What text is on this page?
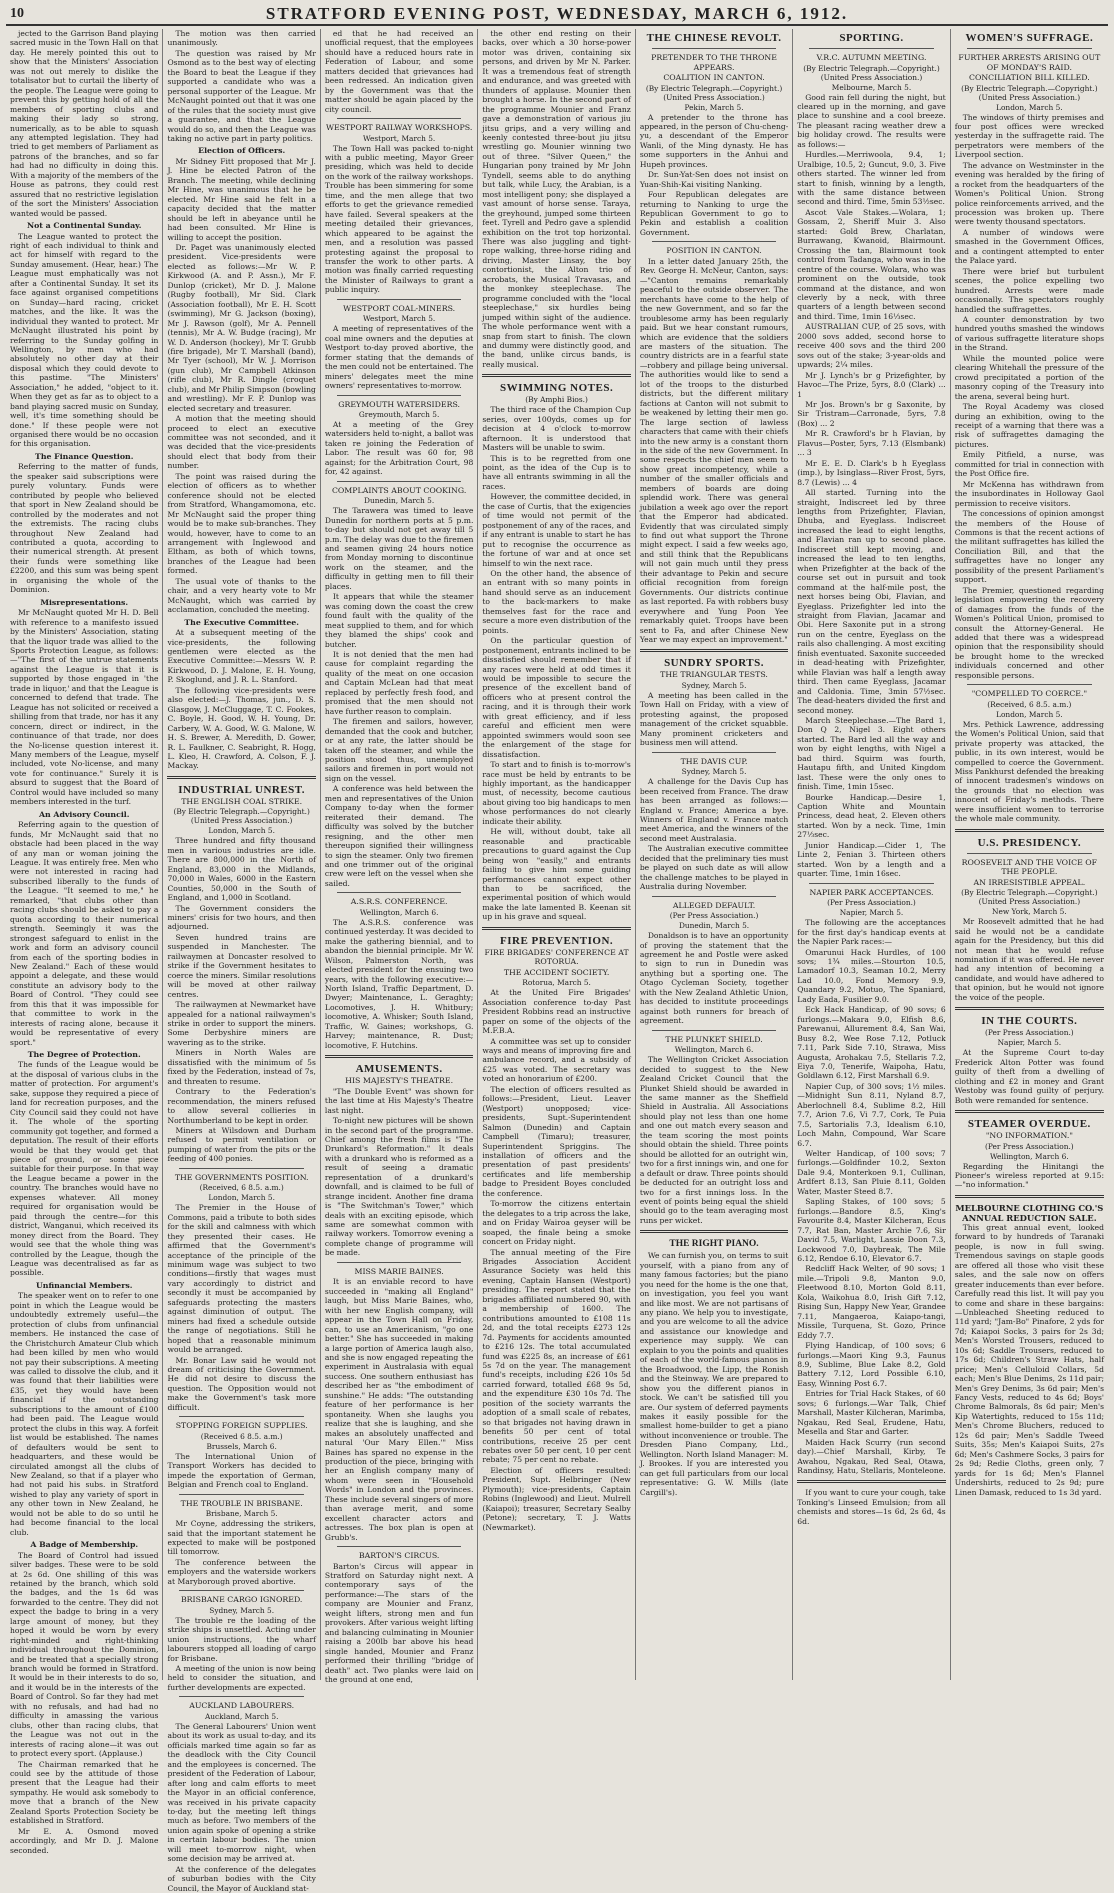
10	STRATFORD EVENING POST, WEDNESDAY, MARCH 6, 1912.

jected to the Garrison Band playing sacred music in the Town Hall on that day. He merely pointed this out to show that the Ministers' Association was not out merely to dislike the totalisator but to curtail the liberty of the people. The League were going to prevent this by getting hold of all the members of sporting clubs and making their lady so strong, numerically, as to be able to squash any attempted legislation. They had tried to get members of Parliament as patrons of the branches, and so far had had no difficulty in doing this. With a majority of the members of the House as patrons, they could rest assured that no restrictive legislation of the sort the Ministers' Association wanted would be passed.

Not a Continental Sunday.

The League wanted to protect the right of each individual to think and act for himself with regard to the Sunday amusement. (Hear, hear.) The League must emphatically was not after a Continental Sunday. It set its face against organised competitions on Sunday—hard racing, cricket matches, and the like. It was the individual they wanted to protect. Mr McNaught illustrated his point by referring to the Sunday golfing in Wellington, by men who had absolutely no other day at their disposal which they could devote to this pastime. "The Ministers' Association," he added, "object to it. When they get as far as to object to a band playing sacred music on Sunday, well, it's time something should be done." If these people were not organised there would be no occasion for this organisation.

The Finance Question.

Referring to the matter of funds, the speaker said subscriptions were purely voluntary. Funds were contributed by people who believed that sport in New Zealand should be controlled by the moderates and not the extremists. The racing clubs throughout New Zealand had contributed a quota, according to their numerical strength. At present their funds were something like £2200, and this sum was being spent in organising the whole of the Dominion.

Misrepresentations.

Mr McNaught quoted Mr H. D. Bell with reference to a manifesto issued by the Ministers' Association, stating that the liquor trade was allied to the Sports Protection League, as follows:—"The first of the untrue statements against the League is that it is supported by those engaged in 'the trade in liquor,' and that the League is concerned to defend that trade. The League has not solicited or received a shilling from that trade, nor has it any concern, direct or indirect, in the continuance of that trade, nor does the No-license question interest it. Many members of the League, myself included, vote No-license, and many vote for continuance." Surely it is absurd to suggest that the Board of Control would have included so many members interested in the turf.

An Advisory Council.

Referring again to the question of funds, Mr McNaught said that no obstacle had been placed in the way of any man or woman joining the League. It was entirely free. Men who were not interested in racing had subscribed liberally to the funds of the League. "It seemed to me," he remarked, "that clubs other than racing clubs should be asked to pay a quota according to their numerical strength. Seemingly it was the strongest safeguard to enlist in the work and form an advisory council from each of the sporting bodies in New Zealand." Each of these would appoint a delegate, and these would constitute an advisory body to the Board of Control. "They could see from this that it was impossible for that committee to work in the interests of racing alone, because it would be representative of every sport."

The Degree of Protection.

The funds of the League would be at the disposal of various clubs in the matter of protection. For argument's sake, suppose they required a piece of land for recreation purposes, and the City Council said they could not have it. The whole of the sporting community got together, and formed a deputation. The result of their efforts would be that they would get that piece of ground, or some piece suitable for their purpose. In that way the League became a power in the country. The branches would have no expenses whatever. All money required for organisation would be paid through the centre—for this district, Wanganui, which received its money direct from the Board. They would see that the whole thing was controlled by the League, though the League was decentralised as far as possible.

Unfinancial Members.

The speaker went on to refer to one point in which the League would be undoubtedly extremely useful—the protection of clubs from unfinancial members. He instanced the case of the Christchurch Amateur Club which had been killed by men who would not pay their subscriptions. A meeting was called to dissolve the club, and it was found that their liabilities were £35, yet they would have been financial if the outstanding subscriptions to the amount of £100 had been paid. The League would protect the clubs in this way. A forfeit list would be established. The names of defaulters would be sent to headquarters, and these would be circulated amongst all the clubs of New Zealand, so that if a player who had not paid his subs. in Stratford wished to play any variety of sport in any other town in New Zealand, he would not be able to do so until he had become financial to the local club.

A Badge of Membership.

The Board of Control had issued silver badges. These were to be sold at 2s 6d. One shilling of this was retained by the branch, which sold the badges, and the 1s 6d was forwarded to the centre. They did not expect the badge to bring in a very large amount of money, but they hoped it would be worn by every right-minded and right-thinking individual throughout the Dominion, and be treated that a specially strong branch would be formed in Stratford. It would be in their interests to do so, and it would be in the interests of the Board of Control. So far they had met with no refusals, and had had no difficulty in amassing the various clubs, other than racing clubs, that the League was not out in the interests of racing alone—it was out to protect every sport. (Applause.)

The Chairman remarked that he could see by the attitude of those present that the League had their sympathy. He would ask somebody to move that a branch of the New Zealand Sports Protection Society be established in Stratford.

Mr E. A. Osmond moved accordingly, and Mr D. J. Malone seconded.

The motion was then carried unanimously.

The question was raised by Mr Osmond as to the best way of electing the Board to beat the League if they supported a candidate who was a personal supporter of the League. Mr McNaught pointed out that it was one of the rules that the society must give a guarantee, and that the League would do so, and then the League was taking no active part in party politics.

Election of Officers.

Mr Sidney Fitt proposed that Mr J. J. Hine be elected Patron of the Branch. The meeting, while declining Mr Hine, was unanimous that he be elected. Mr Hine said he felt in a capacity decided that the matter should be left in abeyance until he had been consulted. Mr Hine is willing to accept the position.

Dr. Paget was unanimously elected president. Vice-presidents were elected as follows:—Mr W. P. Kirkwood (A. and P. Assn.), Mr F. Dunlop (cricket), Mr D. J. Malone (Rugby football), Mr Sid. Clark (Association football), Mr E. H. Scott (swimming), Mr G. Jackson (boxing), Mr J. Rawson (golf), Mr A. Pennell (tennis), Mr A. W. Budge (racing), Mr W. D. Anderson (hockey), Mr T. Grubb (fire brigade), Mr T. Marshall (band), Mr Tyer (school), Mr W. J. Morrison (gun club), Mr Campbell Atkinson (rifle club), Mr R. Dingle (croquet club), and Mr Philip Simpson (bowling and wrestling). Mr F. P. Dunlop was elected secretary and treasurer.

A motion that the meeting should proceed to elect an executive committee was not seconded, and it was decided that the vice-presidents should elect that body from their number.

The point was raised during the election of officers as to whether conference should not be elected from Stratford, Whangamomona, etc. Mr McNaught said the proper thing would be to make sub-branches. They would, however, have to come to an arrangement with Inglewood and Eltham, as both of which towns, branches of the League had been formed.

The usual vote of thanks to the chair, and a very hearty vote to Mr McNaught, which was carried by acclamation, concluded the meeting.

The Executive Committee.

At a subsequent meeting of the vice-presidents, the following gentlemen were elected as the Executive Committee:—Messrs W. P. Kirkwood, D. J. Malone, E. H. Young, P. Skoglund, and J. R. L. Stanford.

The following vice-presidents were also elected:—J. Thomas, jun., D. S. Glasgow, J. McCluggage, T. C. Fookes, C. Boyle, H. Good, W. H. Young, Dr. Carbery, W. A. Good, W. G. Malone, W. H. S. Brewer, A. Meredith, D. Gower, R. L. Faulkner, C. Seabright, R. Hogg, L. Kleo, H. Crawford, A. Colson, F. J. Mackay.

INDUSTRIAL UNREST.
THE ENGLISH COAL STRIKE.
(By Electric Telegraph.—Copyright.) (United Press Association.)
London, March 5.

Three hundred and fifty thousand men in various industries are idle. There are 800,000 in the North of England, 83,000 in the Midlands, 70,000 in Wales, 6000 in the Eastern Counties, 50,000 in the South of England, and 1,000 in Scotland.

The Government considers the miners' crisis for two hours, and then adjourned.

Seven hundred trains are suspended in Manchester. The railwaymen at Doncaster resolved to strike if the Government hesitates to coerce the miners. Similar resolutions will be moved at other railway centres.

The railwaymen at Newmarket have appealed for a national railwaymen's strike in order to support the miners. Some Derbyshire miners are wavering as to the strike.

Miners in North Wales are dissatisfied with the minimum of 5s fixed by the Federation, instead of 7s, and threaten to resume.

Contrary to the Federation's recommendation, the miners refused to allow several collieries in Northumberland to be kept in order.

Miners at Wilsdown and Durham refused to permit ventilation or pumping of water from the pits or the feeding of 400 ponies.

THE GOVERNMENTS POSITION.
(Received, 6 8.5. a.m.)
London, March 5.

The Premier in the House of Commons, paid a tribute to both sides for the skill and calmness with which they presented their cases. He affirmed that the Government's acceptance of the principle of the minimum wage was subject to two conditions—firstly that wages must vary accordingly to district and secondly it must be accompanied by safeguards protecting the masters against diminution of output. The miners had fixed a schedule outside the range of negotiations. Still he hoped that a reasonable minimum would be arranged.

Mr. Bonar Law said he would not dream of criticising the Government. He did not desire to discuss the question. The Opposition would not make the Government's task more difficult.

STOPPING FOREIGN SUPPLIES.
(Received 6 8.5. a.m.)
Brussels, March 6.

The International Union of Transport Workers has decided to impede the exportation of German, Belgian and French coal to England.

THE TROUBLE IN BRISBANE.
Brisbane, March 5.

Mr Coyne, addressing the strikers, said that the important statement he expected to make will be postponed till tomorrow.

The conference between the employers and the waterside workers at Maryborough proved abortive.

BRISBANE CARGO IGNORED.
Sydney, March 5.

The trouble re the loading of the strike ships is unsettled. Acting under union instructions, the wharf labourers stopped all loading of cargo for Brisbane.

A meeting of the union is now being held to consider the situation, and further developments are expected.

AUCKLAND LABOURERS.
Auckland, March 5.

The General Labourers' Union went about its work as usual to-day, and its officials marked time again so far as the deadlock with the City Council and the employees is concerned. The president of the Federation of Labour, after long and calm efforts to meet the Mayor in an official conference, was received in his private capacity to-day, but the meeting left things much as before. Two members of the union again spoke of opening a strike in certain labour bodies. The union will meet to-morrow night, when some decision may be arrived at.

At the conference of the delegates of suburban bodies with the City Council, the Mayor of Auckland stat-

ed that he had received an unofficial request, that the employees should have a reduced hours rate in Federation of Labour, and some matters decided that grievances had been redressed. An indication given by the Government was that the matter should be again placed by the city council.

WESTPORT RAILWAY WORKSHOPS.
Westport, March 5.

The Town Hall was packed to-night with a public meeting, Mayor Greer presiding, which was held to decide on the work of the railway workshops. Trouble has been simmering for some time, and the men allege that two efforts to get the grievance remedied have failed. Several speakers at the meeting detailed their grievances, which appeared to be against the men, and a resolution was passed protesting against the proposal to transfer the work to other parts. A motion was finally carried requesting the Minister of Railways to grant a public inquiry.

WESTPORT COAL-MINERS.
Westport, March 5.

A meeting of representatives of the coal mine owners and the deputies at Westport to-day proved abortive, the former stating that the demands of the men could not be entertained. The miners' delegates meet the mine owners' representatives to-morrow.

GREYMOUTH WATERSIDERS.
Greymouth, March 5.

At a meeting of the Grey watersiders held to-night, a ballot was taken re joining the Federation of Labor. The result was 60 for, 98 against; for the Arbitration Court, 98 for, 42 against.

COMPLAINTS ABOUT COOKING.
Dunedin, March 5.

The Tarawera was timed to leave Dunedin for northern ports at 5 p.m. to-day but should not get away till 5 p.m. The delay was due to the firemen and seamen giving 24 hours notice from Monday morning to discontinue work on the steamer, and the difficulty in getting men to fill their places.

It appears that while the steamer was coming down the coast the crew found fault with the quality of the meat supplied to them, and for which they blamed the ships' cook and butcher.

It is not denied that the men had cause for complaint regarding the quality of the meat on one occasion and Captain McLean had that meat replaced by perfectly fresh food, and promised that the men should not have further reason to complain.

The firemen and sailors, however, demanded that the cook and butcher, or at any rate, the latter should be taken off the steamer, and while the position stood thus, unemployed sailors and firemen in port would not sign on the vessel.

A conference was held between the men and representatives of the Union Company to-day when the former reiterated their demand. The difficulty was solved by the butcher resigning, and the other men thereupon signified their willingness to sign the steamer. Only two firemen and one trimmer out of the original crew were left on the vessel when she sailed.

A.S.R.S. CONFERENCE.
Wellington, March 6.

The A.S.R.S. conference was continued yesterday. It was decided to make the gathering biennial, and to abandon the biennial principle. Mr W. Wilson, Palmerston North, was elected president for the ensuing two years, with the following executive:—North Island, Traffic Department, D. Dwyer; Maintenance, L. Geraghty; Locomotives, J. H. Whitbury; locomotive, A. Whisker; South Island, Traffic, W. Gaines; workshops, G. Harvey; maintenance, R. Dust; locomotive, F. Hutchins.

AMUSEMENTS.
HIS MAJESTY'S THEATRE.

"The Double Event" was shown for the last time at His Majesty's Theatre last night.

To-night new pictures will be shown in the second part of the programme. Chief among the fresh films is "The Drunkard's Reformation." It deals with a drunkard who is reformed as a result of seeing a dramatic representation of a drunkard's downfall, and is claimed to be full of strange incident. Another fine drama is "The Switchman's Tower," which deals with an exciting episode, which same are somewhat common with railway workers. Tomorrow evening a complete change of programme will be made.

MISS MARIE BAINES.

It is an enviable record to have succeeded in "making all England" laugh, but Miss Marie Baines, who, with her new English company, will appear in the Town Hall on Friday, can, to use an Americanism, "go one better." She has succeeded in making a large portion of America laugh also, and she is now engaged repeating the experiment in Australasia with equal success. One southern enthusiast has described her as "the embodiment of sunshine." He adds: "The outstanding feature of her performance is her spontaneity. When she laughs you realize that she is laughing, and she makes an absolutely unaffected and natural 'Our Mary Ellen.'" Miss Baines has spared no expense in the production of the piece, bringing with her an English company many of whom were seen in "Household Words" in London and the provinces. These include several singers of more than average merit, and some excellent character actors and actresses. The box plan is open at Grubb's.

BARTON'S CIRCUS.

Barton's Circus will appear in Stratford on Saturday night next. A contemporary says of the performance:—The stars of the company are Mounier and Franz, weight lifters, strong men and fun provokers. After various weight lifting and balancing culminating in Mounier raising a 200lb bar above his head single handed, Mounier and Franz performed their thrilling "bridge of death" act. Two planks were laid on the ground at one end,

the other end resting on their backs, over which a 30 horse-power motor was driven, containing six persons, and driven by Mr N. Parker. It was a tremendous feat of strength and endurance, and was greeted with thunders of applause. Mounier then brought a horse. In the second part of the programme Mounier and Franz gave a demonstration of various jiu jitsu grips, and a very willing and keenly contested three-bout jiu jitsu wrestling go. Mounier winning two out of three. "Silver Queen," the Hungarian pony trained by Mr John Tyndell, seems able to do anything but talk, while Lucy, the Arabian, is a most intelligent pony; she displayed a vast amount of horse sense. Taraya, the greyhound, jumped some thirteen feet. Tyrell and Pedro gave a splendid exhibition on the trot top horizontal. There was also juggling and tight-rope walking, three-horse riding and driving, Master Linsay, the boy contortionist, the Alton trio of acrobats, the Musical Travasas, and the monkey steeplechase. The programme concluded with the "local steeplechase," six hurdles being jumped within sight of the audience. The whole performance went with a snap from start to finish. The clown and dummy were distinctly good, and the band, unlike circus bands, is really musical.

SWIMMING NOTES.
(By Amphi Bios.)

The third race of the Champion Cup series, over 100yds, comes up for decision at 4 o'clock to-morrow afternoon. It is understood that Masters will be unable to swim.

This is to be regretted from one point, as the idea of the Cup is to have all entrants swimming in all the races.

However, the committee decided, in the case of Curtis, that the exigencies of time would not permit of the postponement of any of the races, and if any entrant is unable to start he has put to recognise the occurrence as the fortune of war and at once set himself to win the next race.

On the other hand, the absence of an entrant with so many points in hand should serve as an inducement to the back-markers to make themselves fast for the race and secure a more even distribution of the points.

On the particular question of postponement, entrants inclined to be dissatisfied should remember that if any races were held at odd times it would be impossible to secure the presence of the excellent band of officers who at present control the racing, and it is through their work with great efficiency, and if less careful and efficient men were appointed swimmers would soon see the enlargement of the stage for dissatisfaction.

To start and to finish is to-morrow's race must be held by entrants to be highly important, as the handicapper must, of necessity, become cautious about giving too big handicaps to men whose performances do not clearly indicate their ability.

He will, without doubt, take all reasonable and practicable precautions to guard against the Cup being won "easily," and entrants failing to give him some guiding performances cannot expect other than to be sacrificed, the experimental position of which would make the late lamented B. Keenan sit up in his grave and squeal.

FIRE PREVENTION.
FIRE BRIGADES' CONFERENCE AT ROTORUA.
THE ACCIDENT SOCIETY.
Rotorua, March 5.

At the United Fire Brigades' Association conference to-day Past President Robbins read an instructive paper on some of the objects of the M.F.B.A.

A committee was set up to consider ways and means of improving fire and ambulance record, and a subsidy of £25 was voted. The secretary was voted an honorarium of £200.

The election of officers resulted as follows:—President, Lieut. Leaver (Westport) unopposed; vice-presidents, Supt.-Superintendent Salmon (Dunedin) and Captain Campbell (Timaru); treasurer, Superintendent Spriggins. The installation of officers and the presentation of past presidents' certificates and life membership badge to President Boyes concluded the conference.

To-morrow the citizens entertain the delegates to a trip across the lake, and on Friday Wairoa geyser will be soaped, the finale being a smoke concert on Friday night.

The annual meeting of the Fire Brigades Association Accident Assurance Society was held this evening, Captain Hansen (Westport) presiding. The report stated that the brigades affiliated numbered 90, with a membership of 1600. The contributions amounted to £108 11s 2d, and the total receipts £273 12s 7d. Payments for accidents amounted to £216 12s. The total accumulated fund was £225 8s, an increase of £61 5s 7d on the year. The management fund's receipts, including £26 10s 5d carried forward, totalled £68 9s 5d, and the expenditure £30 10s 7d. The position of the society warrants the adoption of a small scale of rebates, so that brigades not having drawn in benefits 50 per cent of total contributions, receive 25 per cent rebates over 50 per cent, 10 per cent rebate; 75 per cent no rebate.

Election of officers resulted: President, Supt. Helbringer (New Plymouth); vice-presidents, Captain Robins (Inglewood) and Lieut. Mulrell (Kaiapoi); treasurer, Secretary Sealby (Petone); secretary, T. J. Watts (Newmarket).

THE CHINESE REVOLT.
PRETENDER TO THE THRONE APPEARS.
COALITION IN CANTON.
(By Electric Telegraph.—Copyright.) (United Press Association.)
Pekin, March 5.

A pretender to the throne has appeared, in the person of Chu-cheng-yu, a descendant of the Emperor Wanli, of the Ming dynasty. He has some supporters in the Anhui and Hupeh provinces.

Dr. Sun-Yat-Sen does not insist on Yuan-Shih-Kai visiting Nanking.

Four Republican delegates are returning to Nanking to urge the Republican Government to go to Pekin and establish a coalition Government.

POSITION IN CANTON.

In a letter dated January 25th, the Rev. George H. McNeur, Canton, says:—"Canton remains remarkably peaceful to the outside observer. The merchants have come to the help of the new Government, and so far the troublesome army has been regularly paid. But we hear constant rumours, which are evidence that the soldiers are masters of the situation. The country districts are in a fearful state—robbery and pillage being universal. The authorities would like to send a lot of the troops to the disturbed districts, but the different military factions at Canton will not submit to be weakened by letting their men go. The large section of lawless characters that came with their chiefs into the new army is a constant thorn in the side of the new Government. In some respects the chief men seem to show great incompetency, while a number of the smaller officials and members of boards are doing splendid work. There was general jubilation a week ago over the report that the Emperor had abdicated. Evidently that was circulated simply to find out what support the Throne might expect. I said a few weeks ago, and still think that the Republicans will not gain much until they press their advantage to Pekin and secure official recognition from foreign Governments. Our districts continue as last reported. Fa with robbers busy everywhere and Yung Poon Yee remarkably quiet. Troops have been sent to Fa, and after Chinese New Year we may expect an improvement."

SUNDRY SPORTS.
THE TRIANGULAR TESTS.
Sydney, March 5.

A meeting has been called in the Town Hall on Friday, with a view of protesting against, the proposed management of the cricket squabble. Many prominent cricketers and business men will attend.

THE DAVIS CUP.
Sydney, March 5.

A challenge for the Davis Cup has been received from France. The draw has been arranged as follows:—England v. France; America a bye. Winners of England v. France match meet America, and the winners of the second meet Australasia.

The Australian executive committee decided that the preliminary ties must be played on such date as will allow the challenge matches to be played in Australia during November.

ALLEGED DEFAULT.
(Per Press Association.)
Dunedin, March 5.

Donaldson is to have an opportunity of proving the statement that the agreement he and Postle were asked to sign to run in Dunedin was anything but a sporting one. The Otago Cycleman Society, together with the New Zealand Athletic Union, has decided to institute proceedings against both runners for breach of agreement.

THE PLUNKET SHIELD.
Wellington, March 6.

The Wellington Cricket Association decided to suggest to the New Zealand Cricket Council that the Plunket Shield should be awarded in the same manner as the Sheffield Shield in Australia. All Associations should play not less than one home and one out match every season and the team scoring the most points should obtain the shield. Three points should be allotted for an outright win, two for a first innings win, and one for a default or draw. Three points should be deducted for an outright loss and two for a first innings loss. In the event of points being equal the shield should go to the team averaging most runs per wicket.

THE RIGHT PIANO.

We can furnish you, on terms to suit yourself, with a piano from any of many famous factories; but the piano you need for the home is the one that, on investigation, you feel you want and like most. We are not partisans of any piano. We help you to investigate, and you are welcome to all the advice and assistance our knowledge and experience may supply. We can explain to you the points and qualities of each of the world-famous pianos in the Broadwood, the Lipp, the Ronish and the Steinway. We are prepared to show you the different pianos in stock. We can't be satisfied till you are. Our system of deferred payments makes it easily possible for the smallest home-builder to get a piano without inconvenience or trouble. The Dresden Piano Company, Ltd., Wellington. North Island Manager: M. J. Brookes. If you are interested you can get full particulars from our local representative: G. W. Mills (late Cargill's).

SPORTING.
V.R.C. AUTUMN MEETING.
(By Electric Telegraph.—Copyright.) (United Press Association.)
Melbourne, March 5.

Good rain fell during the night, but cleared up in the morning, and gave place to sunshine and a cool breeze. The pleasant racing weather drew a big holiday crowd. The results were as follows:—

Hurdles.—Merriwoola, 9.4, 1; Uralbige, 10.5, 2; Guncut, 9.0, 3. Five others started. The winner led from start to finish, winning by a length, with the same distance between second and third. Time, 5min 53½sec.

Ascot Vale Stakes.—Wolara, 1; Gossam, 2, Sheriff Muir 3. Also started: Gold Brew, Charlatan, Burrawang, Kwanoid, Blairmount. Crossing the tan, Blairmount took control from Tadanga, who was in the centre of the course. Wolara, who was prominent on the outside, took command at the distance, and won cleverly by a neck, with three quarters of a length between second and third. Time, 1min 16⅓sec.

AUSTRALIAN CUP, of 25 sovs, with 2000 sovs added, second horse to receive 400 sovs and the third 200 sovs out of the stake; 3-year-olds and upwards; 2¼ miles.

Mr J. Lynch's br g Prizefighter, by Havoc—The Prize, 5yrs, 8.0 (Clark) ... 1

Mr Jos. Brown's br g Saxonite, by Sir Tristram—Carronade, 5yrs, 7.8 (Box) ... 2

Mr R. Crawford's br h Flavian, by Flavus—Poster, 5yrs, 7.13 (Elsmbank) ... 3

Mr E. E. D. Clark's b h Eyeglass (imp.), by Isinglass—River Frost, 5yrs, 8.7 (Lewis) ... 4

All started. Turning into the straight, Indiscreet led by three lengths from Prizefighter, Flavian, Dhuba, and Eyeglass. Indiscreet increased the lead to eight lengths, and Flavian ran up to second place. Indiscreet still kept moving, and increased the lead to ten lengths, when Prizefighter at the back of the course set out in pursuit and took command at the half-mile post, the next horses being Obi, Flavian, and Eyeglass. Prizefighter led into the straight from Flavian, Jacamar and Obi. Here Saxonite put in a strong run on the centre, Eyeglass on the rails also challenging. A most exciting finish eventuated. Saxonite succeeded in dead-heating with Prizefighter, while Flavian was half a length away third. Then came Eyeglass, Jacamar and Caldonia. Time, 3min 57½sec. The dead-heaters divided the first and second money.

March Steeplechase.—The Bard 1, Don Q 2, Nigel 3. Eight others started. The Bard led all the way and won by eight lengths, with Nigel a bad third. Squirm was fourth, Hautapu fifth, and United Kingdom last. These were the only ones to finish. Time, 1min 15sec.

Bourke Handicap.—Desire 1, Caption White and Mountain Princess, dead heat, 2. Eleven others started. Won by a neck. Time, 1min 27⅓sec.

Junior Handicap.—Cider 1, The Linte 2, Fenian 3. Thirteen others started. Won by a length and a quarter. Time, 1min 16sec.

NAPIER PARK ACCEPTANCES.
(Per Press Association.)
Napier, March 5.

The following are the acceptances for the first day's handicap events at the Napier Park races:—

Omarunui Hack Hurdles, of 100 sovs; 1¾ miles.—Stourton 10.5, Lamadorf 10.3, Seaman 10.2, Merry Lad 10.0, Fond Memory 9.9, Quandary 9.2, Motuo, The Spaniard, Lady Eada, Fusilier 9.0.

Eck Hack Handicap, of 90 sovs; 6 furlongs.—Makara 9.0, Elfish 8.6, Parewanui, Allurement 8.4, San Wai, Busy 8.2, Wee Rose 7.12, Potluck 7.11, Park Side 7.10, Strawa, Miss Augusta, Arohakau 7.5, Stellaris 7.2, Eiya 7.0, Tenerife, Waipoha, Hatu, Goldlawn 6.12, First Marshall 6.9.

Napier Cup, of 300 sovs; 1½ miles.—Midnight Sun 8.11, Nyland 8.7, Aberlochnell 8.4, Sublime 8.2, Hill 7.7, Arion 7.6, Vi 7.7, Cork, Te Puia 7.5, Sartorialis 7.3, Idealism 6.10, Loch Mahn, Compound, War Scare 6.7.

Welter Handicap, of 100 sovs; 7 furlongs.—Goldfinder 10.2, Sexton Dale 9.4, Monterkoen 9.1, Cullinan, Ardfert 8.13, San Pluie 8.11, Golden Water, Master Steed 8.7.

Sapling Stakes, of 100 sovs; 5 furlongs.—Bandore 8.5, King's Favourite 8.4, Master Kilcheran, Ecus 7.7, Rat Ban, Master Archie 7.6, Sir David 7.5, Warlight, Lassie Doon 7.3, Lockwood 7.0, Daybreak, The Mile 6.12, Rendoe 6.10, Elevator 6.7.

Redcliff Hack Welter, of 90 sovs; 1 mile.—Tripoli 9.8, Manton 9.0, Fleetwood 8.10, Morton Gold 8.11, Kola, Waikohua 8.0, Irish Gift 7.12, Rising Sun, Happy New Year, Grandee 7.11, Mangaeroa, Kaiapo-tangi, Missile, Turquena, St. Gozo, Prince Eddy 7.7.

Flying Handicap, of 100 sovs; 6 furlongs.—Maori King 9.3, Faunus 8.9, Sublime, Blue Lake 8.2, Gold Battery 7.12, Lord Possible 6.10, Easy, Winning Post 6.7.

Entries for Trial Hack Stakes, of 60 sovs; 6 furlongs.—War Talk, Chief Marshall, Master Kilcheran, Marimba, Ngakau, Red Seal, Erudene, Hatu, Mesella and Star and Garter.

Maiden Hack Scurry (run second day).—Chief Marshall, Kirby, Te Awahou, Ngakau, Red Seal, Otawa, Randinsy, Hatu, Stellaris, Monteleone.

If you want to cure your cough, take Tonking's Linseed Emulsion; from all chemists and stores—1s 6d, 2s 6d, 4s 6d.

WOMEN'S SUFFRAGE.
FURTHER ARRESTS ARISING OUT OF MONDAY'S RAID.
CONCILIATION BILL KILLED.
(By Electric Telegraph.—Copyright.) (United Press Association.)
London, March 5.

The windows of thirty premises and four post offices were wrecked yesterday in the suffragette raid. The perpetrators were members of the Liverpool section.

The advance on Westminster in the evening was heralded by the firing of a rocket from the headquarters of the Women's Political Union. Strong police reinforcements arrived, and the procession was broken up. There were twenty thousand spectators.

A number of windows were smashed in the Government Offices, and a contingent attempted to enter the Palace yard.

There were brief but turbulent scenes, the police expelling two hundred. Arrests were made occasionally. The spectators roughly handled the suffragettes.

A counter demonstration by two hundred youths smashed the windows of various suffragette literature shops in the Strand.

While the mounted police were clearing Whitehall the pressure of the crowd precipitated a portion of the masonry coping of the Treasury into the arena, several being hurt.

The Royal Academy was closed during an exhibition, owing to the receipt of a warning that there was a risk of suffragettes damaging the pictures.

Emily Pitfield, a nurse, was committed for trial in connection with the Post Office fire.

Mr McKenna has withdrawn from the insubordinates in Holloway Gaol permission to receive visitors.

The concessions of opinion amongst the members of the House of Commons is that the recent actions of the militant suffragettes has killed the Conciliation Bill, and that the suffragettes have no longer any possibility of the present Parliament's support.

The Premier, questioned regarding legislation empowering the recovery of damages from the funds of the Women's Political Union, promised to consult the Attorney-General. He added that there was a widespread opinion that the responsibility should be brought home to the wrecked individuals concerned and other responsible persons.

"COMPELLED TO COERCE."
(Received, 6 8.5. a.m.)
London, March 5.

Mrs. Pethick Lawrence, addressing the Women's Political Union, said that private property was attacked, the public, in its own interest, would be compelled to coerce the Government. Miss Pankhurst defended the breaking of innocent tradesmen's windows on the grounds that no election was innocent of Friday's methods. There were insufficient women to terrorise the whole male community.

U.S. PRESIDENCY.
ROOSEVELT AND THE VOICE OF THE PEOPLE.
AN IRRESISTIBLE APPEAL.
(By Electric Telegraph.—Copyright.) (United Press Association.)
New York, March 5.

Mr Roosevelt admitted that he had said he would not be a candidate again for the Presidency, but this did not mean that he would refuse nomination if it was offered. He never had any intention of becoming a candidate, and would have adhered to that opinion, but he would not ignore the voice of the people.

IN THE COURTS.
(Per Press Association.)
Napier, March 5.

At the Supreme Court to-day Frederick Alton Potter was found guilty of theft from a dwelling of clothing and £2 in money and Grant Westoby was found guilty of perjury. Both were remanded for sentence.

STEAMER OVERDUE.
"NO INFORMATION."
(Per Press Association.)
Wellington, March 6.

Regarding the Hinitangi the Pioneer's wireless reported at 9.15:—"no information."

MELBOURNE CLOTHING CO.'S ANNUAL REDUCTION SALE.

This great annual event, looked forward to by hundreds of Taranaki people, is now in full swing. Tremendous savings on staple goods are offered all those who visit these sales, and the sale now on offers greater inducements than ever before. Carefully read this list. It will pay you to come and share in these bargains:—Unbleached Sheeting reduced to 11d yard; "Jam-Bo" Pinafore, 2 yds for 7d; Kaiapoi Socks, 3 pairs for 2s 3d; Men's Worsted Trousers, reduced to 10s 6d; Saddle Trousers, reduced to 17s 6d; Children's Straw Hats, half price; Men's Celluloid Collars, 5d each; Men's Blue Denims, 2s 11d pair; Men's Grey Denims, 3s 6d pair; Men's Fancy Vests, reduced to 4s 6d; Boys' Chrome Balmorals, 8s 6d pair; Men's Kip Watertights, reduced to 15s 11d; Men's Chrome Bluchers, reduced to 12s 6d pair; Men's Saddle Tweed Suits, 35s; Men's Kaiapoi Suits, 27s 6d; Men's Cashmere Socks, 3 pairs for 2s 9d; Redie Cloths, green only, 7 yards for 1s 6d; Men's Flannel Undershirts, reduced to 2s 9d; pure Linen Damask, reduced to 1s 3d yard.
